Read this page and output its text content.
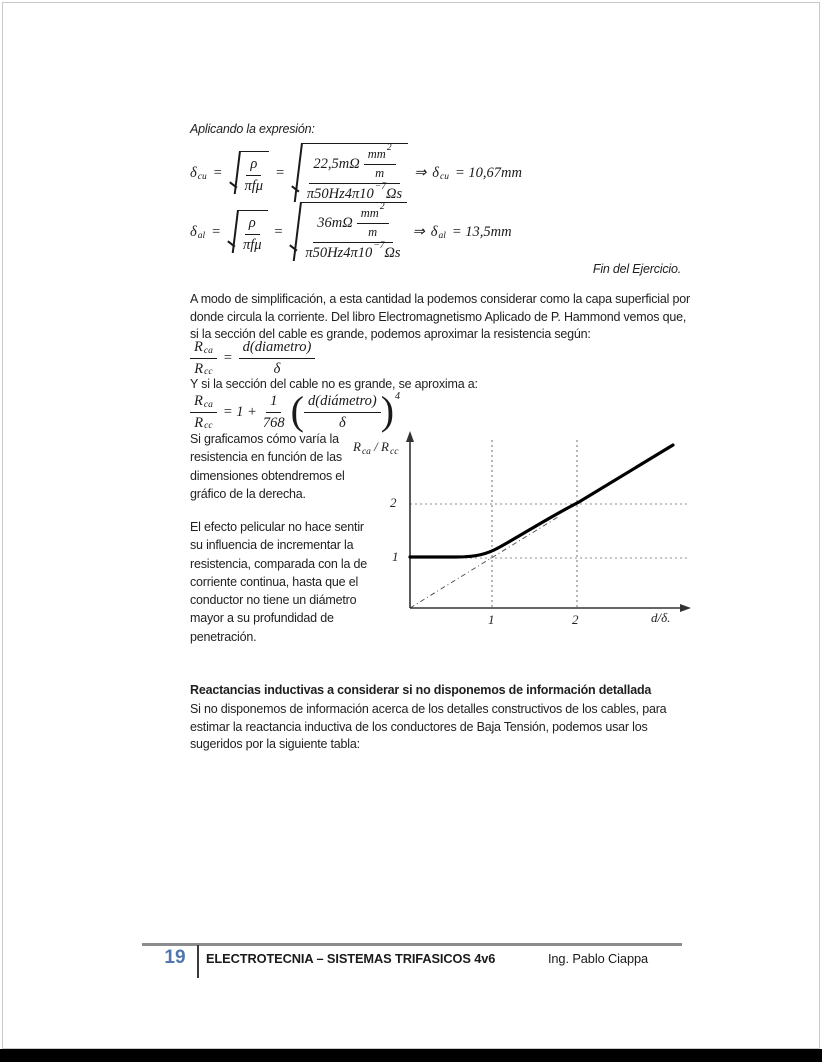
Aplicando la expresión:

δ cu = $\frac{\rho}{\text{πfμ}} = \frac{22,5m\Omega \frac{mm 2}{m}}{\pi 50Hz4\pi 10 -7 \Omega s}$ ⇒ δ cu = 10,67mm
δ al = $\frac{\rho}{\text{πfμ}} = \frac{36m\Omega \frac{mm 2}{m}}{\pi 50Hz4\pi 10 -7 \Omega s}$ ⇒ δ al = 13,5mm

Fin del Ejercicio.

A modo de simplificación, a esta cantidad la podemos considerar como la capa superficial por donde circula la corriente. Del libro Electromagnetismo Aplicado de P. Hammond vemos que, si la sección del cable es grande, podemos aproximar la resistencia según:

$\frac{\text{R ca}}{\text{R cc}} = \frac{\text{d(diametro)}}{\delta}$

Y si la sección del cable no es grande, se aproxima a:

$\frac{\text{R ca}}{\text{R cc}} = 1 + \frac{1}{768}$ ( $\frac{\text{d(diámetro)}}{\delta}$ ) 4

Si graficamos cómo varía la resistencia en función de las dimensiones obtendremos el gráfico de la derecha.

El efecto pelicular no hace sentir su influencia de incrementar la resistencia, comparada con la de corriente continua, hasta que el conductor no tiene un diámetro mayor a su profundidad de penetración.

$R_{ca} / R_{cc}$
2
1
1	2	d/δ.

Reactancias inductivas a considerar si no disponemos de información detallada

Si no disponemos de información acerca de los detalles constructivos de los cables, para estimar la reactancia inductiva de los conductores de Baja Tensión, podemos usar los sugeridos por la siguiente tabla:

19	ELECTROTECNIA – SISTEMAS TRIFASICOS 4v6	Ing. Pablo Ciappa
